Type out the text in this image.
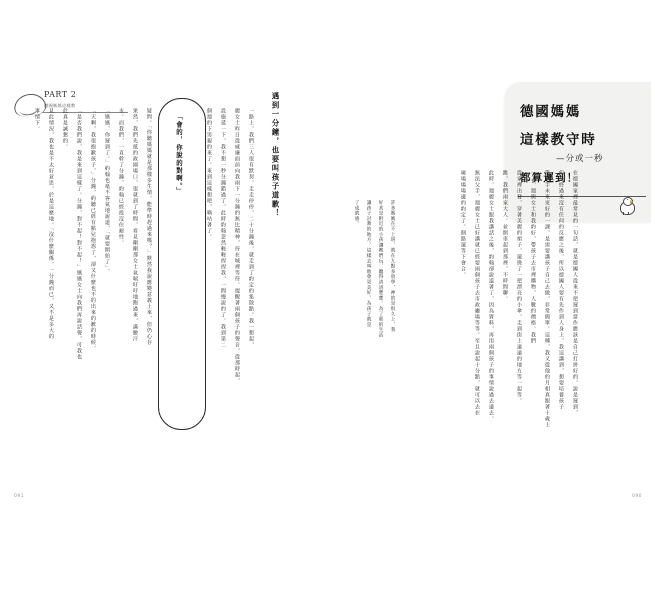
PART 2
德國媽媽這樣教	遇到一分鐘，也要叫孩子道歉！
「會的，你說的對啊。」	一路上，我們三人很有默契，走走停停，二十分鐘後，就走到了約定的集散點。我一想起，
麗女士昨日從威廉面前向我兩下一分鐘的無比精神，待在城裡等待。提醒著兩個孩子的聲音，從那時起，
設施延一下，我不想一秒分鐘錯過了，此時約翰忽然輕輕捏捏我，一間慢說的了。我到第二
個週的下男親的來了。來到這樣想吧，嘀咕著了。
疑問。「你聽媽媽就是那樣多生情，能準時趕過來嗎？」默然我說應變意義上來，但仍心存
果然，我們先抵的政園場口，很就到了時間，看見剛剛那女士氣喘吁吁地跑過來，滿臉汗
水。而我們，一直幹了分鐘，約翰已經投沒住耐性。
「媽媽，你遲到了。」約翰也毫不客氣地說道，「就要開始了」。
「天啊，我很抱歉孩子，」分鐘，約聽已經有點兒抱怨了，卻又什麼也不的出來的歉的時候。
「是否我們說，我是來到這樣了。分鐘，對不起！對不起！」媽媽女士向我們再說話聲，可我也
此真是誠懇的。
見此情況，我也是不太好意思，於是這麼地。「沒什麼關係，一分鐘而已，又不是多大的
事情下。	德國媽媽
這樣教守時
—分或一秒
都算遲到！
在德國家裡最常見的一句話，就是德國人從來不把遲到當作應該是自己打拼好的，說是遲到，
但最終過來沒有任何的反應之後，所以德國人要有先作到人身上，我這講到，想要培養孩子
學到手未來更好的一課，是需要講孩子自己去做，非常簡單。這種，我又從他的月相真跟著十歲上
一天，週與女士和我約好，帶孩子去市裡購物，人數的價格。我們
從家裡出發，穿著美麗的裙子，還挽了一把漂亮的小傘，走到街上遠遠的地方等一起等。
跳，我們兩家大人。並開車起到那裡，不時間聊。
此時，週麗女士跟我講話之後，約翰卻說道著了，因為資料，再用兩個孩子的事情說過去遠去。
無法父手，週麗女士已好講就已經要兩個孩子去市政廳場等等。至且說起十分點，就可以去在
廣場場場邊的約定了。個路還等下會合。
許多媽媽在不上班、就在九點多放學、神的是很久上、我
好其是附近的小孩讓她們玩、聽得清清楚楚、為了那的生活
讓孩子討教的地方、這樣去叫他會更美好、為孩子就是
了成就感。
091	090
